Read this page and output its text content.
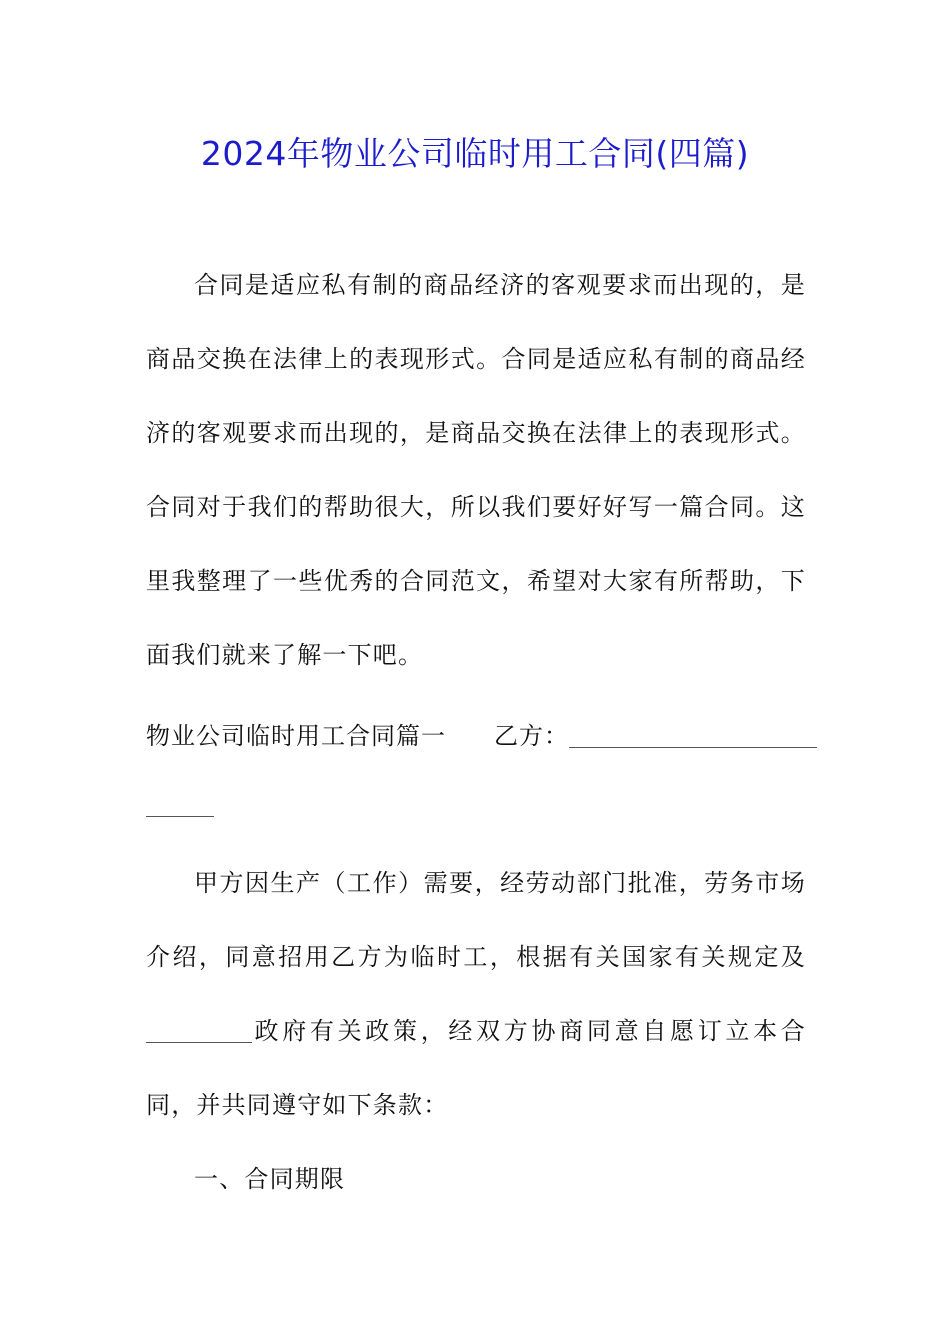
2024年物业公司临时用工合同(四篇)
合同是适应私有制的商品经济的客观要求而出现的，是商品交换在法律上的表现形式。合同是适应私有制的商品经济的客观要求而出现的，是商品交换在法律上的表现形式。合同对于我们的帮助很大，所以我们要好好写一篇合同。这里我整理了一些优秀的合同范文，希望对大家有所帮助，下面我们就来了解一下吧。
物业公司临时用工合同篇一 乙方：
甲方因生产（工作）需要，经劳动部门批准，劳务市场介绍，同意招用乙方为临时工，根据有关国家有关规定及政府有关政策，经双方协商同意自愿订立本合同，并共同遵守如下条款：
一、合同期限
